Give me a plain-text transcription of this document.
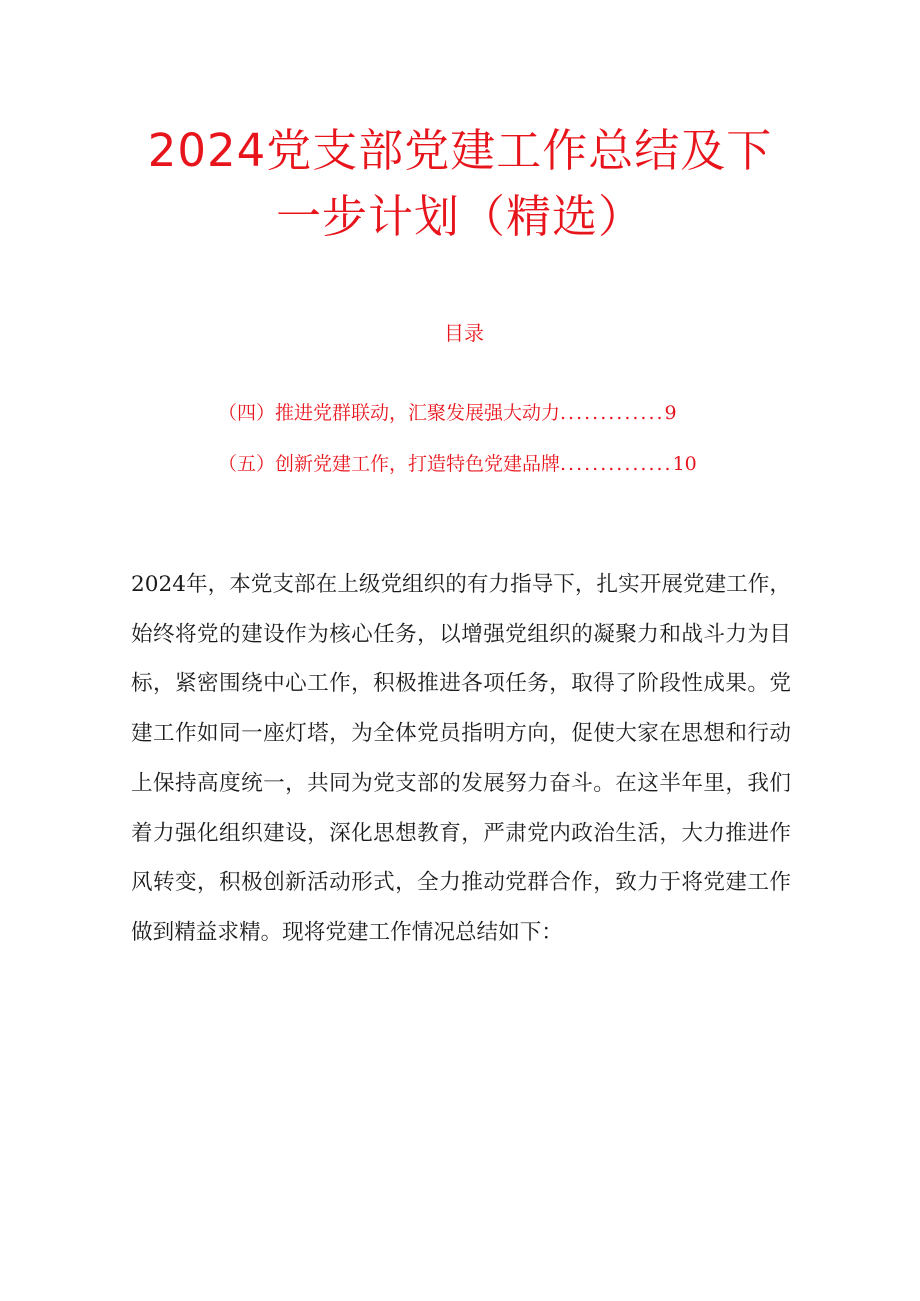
2024党支部党建工作总结及下一步计划（精选）
目录
（四）推进党群联动，汇聚发展强大动力.............9
（五）创新党建工作，打造特色党建品牌..............10
2024年，本党支部在上级党组织的有力指导下，扎实开展党建工作，始终将党的建设作为核心任务，以增强党组织的凝聚力和战斗力为目标，紧密围绕中心工作，积极推进各项任务，取得了阶段性成果。党建工作如同一座灯塔，为全体党员指明方向，促使大家在思想和行动上保持高度统一，共同为党支部的发展努力奋斗。在这半年里，我们着力强化组织建设，深化思想教育，严肃党内政治生活，大力推进作风转变，积极创新活动形式，全力推动党群合作，致力于将党建工作做到精益求精。现将党建工作情况总结如下：
